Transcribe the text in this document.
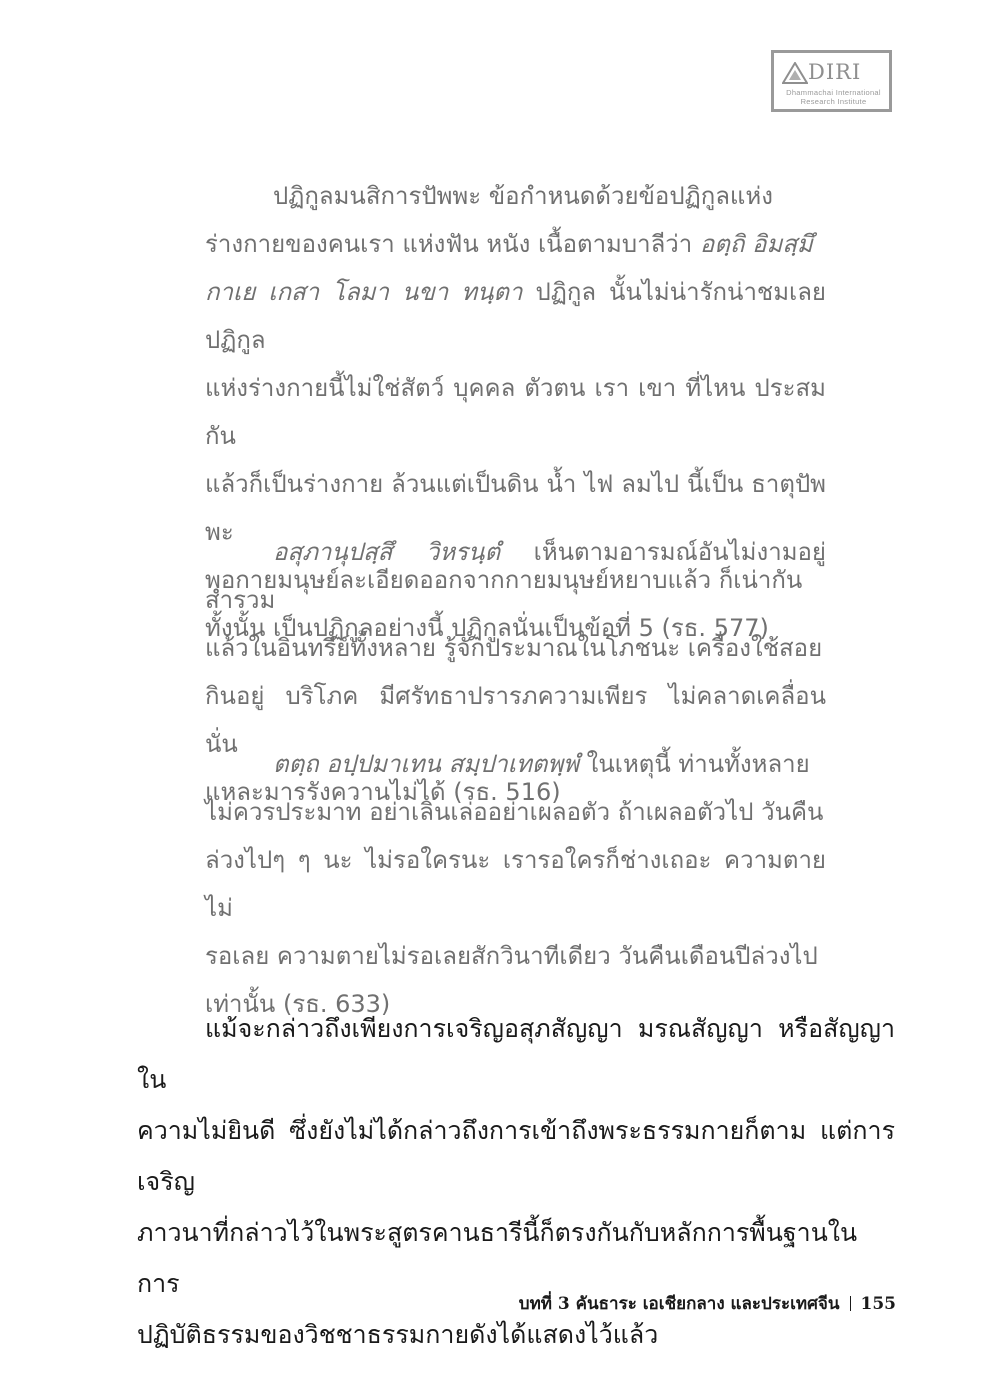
DIRI
Dhammachai International
Research Institute
ปฏิกูลมนสิการปัพพะ ข้อกำหนดด้วยข้อปฏิกูลแห่ง
ร่างกายของคนเรา แห่งฟัน หนัง เนื้อตามบาลีว่า อตฺถิ อิมสฺมึ
กาเย เกสา โลมา นขา ทนฺตา ปฏิกูล นั้นไม่น่ารักน่าชมเลย ปฏิกูล
แห่งร่างกายนี้ไม่ใช่สัตว์ บุคคล ตัวตน เรา เขา ที่ไหน ประสมกัน
แล้วก็เป็นร่างกาย ล้วนแต่เป็นดิน น้ำ ไฟ ลมไป นี้เป็น ธาตุปัพพะ
พอกายมนุษย์ละเอียดออกจากกายมนุษย์หยาบแล้ว ก็เน่ากัน
ทั้งนั้น เป็นปฏิกูลอย่างนี้ ปฏิกูลนั่นเป็นข้อที่ 5 (รธ. 577)
อสุภานุปสฺสึ วิหรนฺตํ เห็นตามอารมณ์อันไม่งามอยู่ สำรวม
แล้วในอินทรีย์ทั้งหลาย รู้จักประมาณในโภชนะ เครื่องใช้สอย
กินอยู่ บริโภค มีศรัทธาปรารภความเพียร ไม่คลาดเคลื่อน นั่น
แหละมารรังควานไม่ได้ (รธ. 516)
ตตฺถ อปฺปมาเทน สมฺปาเทตพฺพํ ในเหตุนี้ ท่านทั้งหลาย
ไม่ควรประมาท อย่าเลินเล่ออย่าเผลอตัว ถ้าเผลอตัวไป วันคืน
ล่วงไปๆ ๆ นะ ไม่รอใครนะ เรารอใครก็ช่างเถอะ ความตายไม่
รอเลย ความตายไม่รอเลยสักวินาทีเดียว วันคืนเดือนปีล่วงไป
เท่านั้น (รธ. 633)
แม้จะกล่าวถึงเพียงการเจริญอสุภสัญญา มรณสัญญา หรือสัญญาใน
ความไม่ยินดี ซึ่งยังไม่ได้กล่าวถึงการเข้าถึงพระธรรมกายก็ตาม แต่การเจริญ
ภาวนาที่กล่าวไว้ในพระสูตรคานธารีนี้ก็ตรงกันกับหลักการพื้นฐานในการ
ปฏิบัติธรรมของวิชชาธรรมกายดังได้แสดงไว้แล้ว
บทที่ 3 คันธาระ เอเชียกลาง และประเทศจีน 155
